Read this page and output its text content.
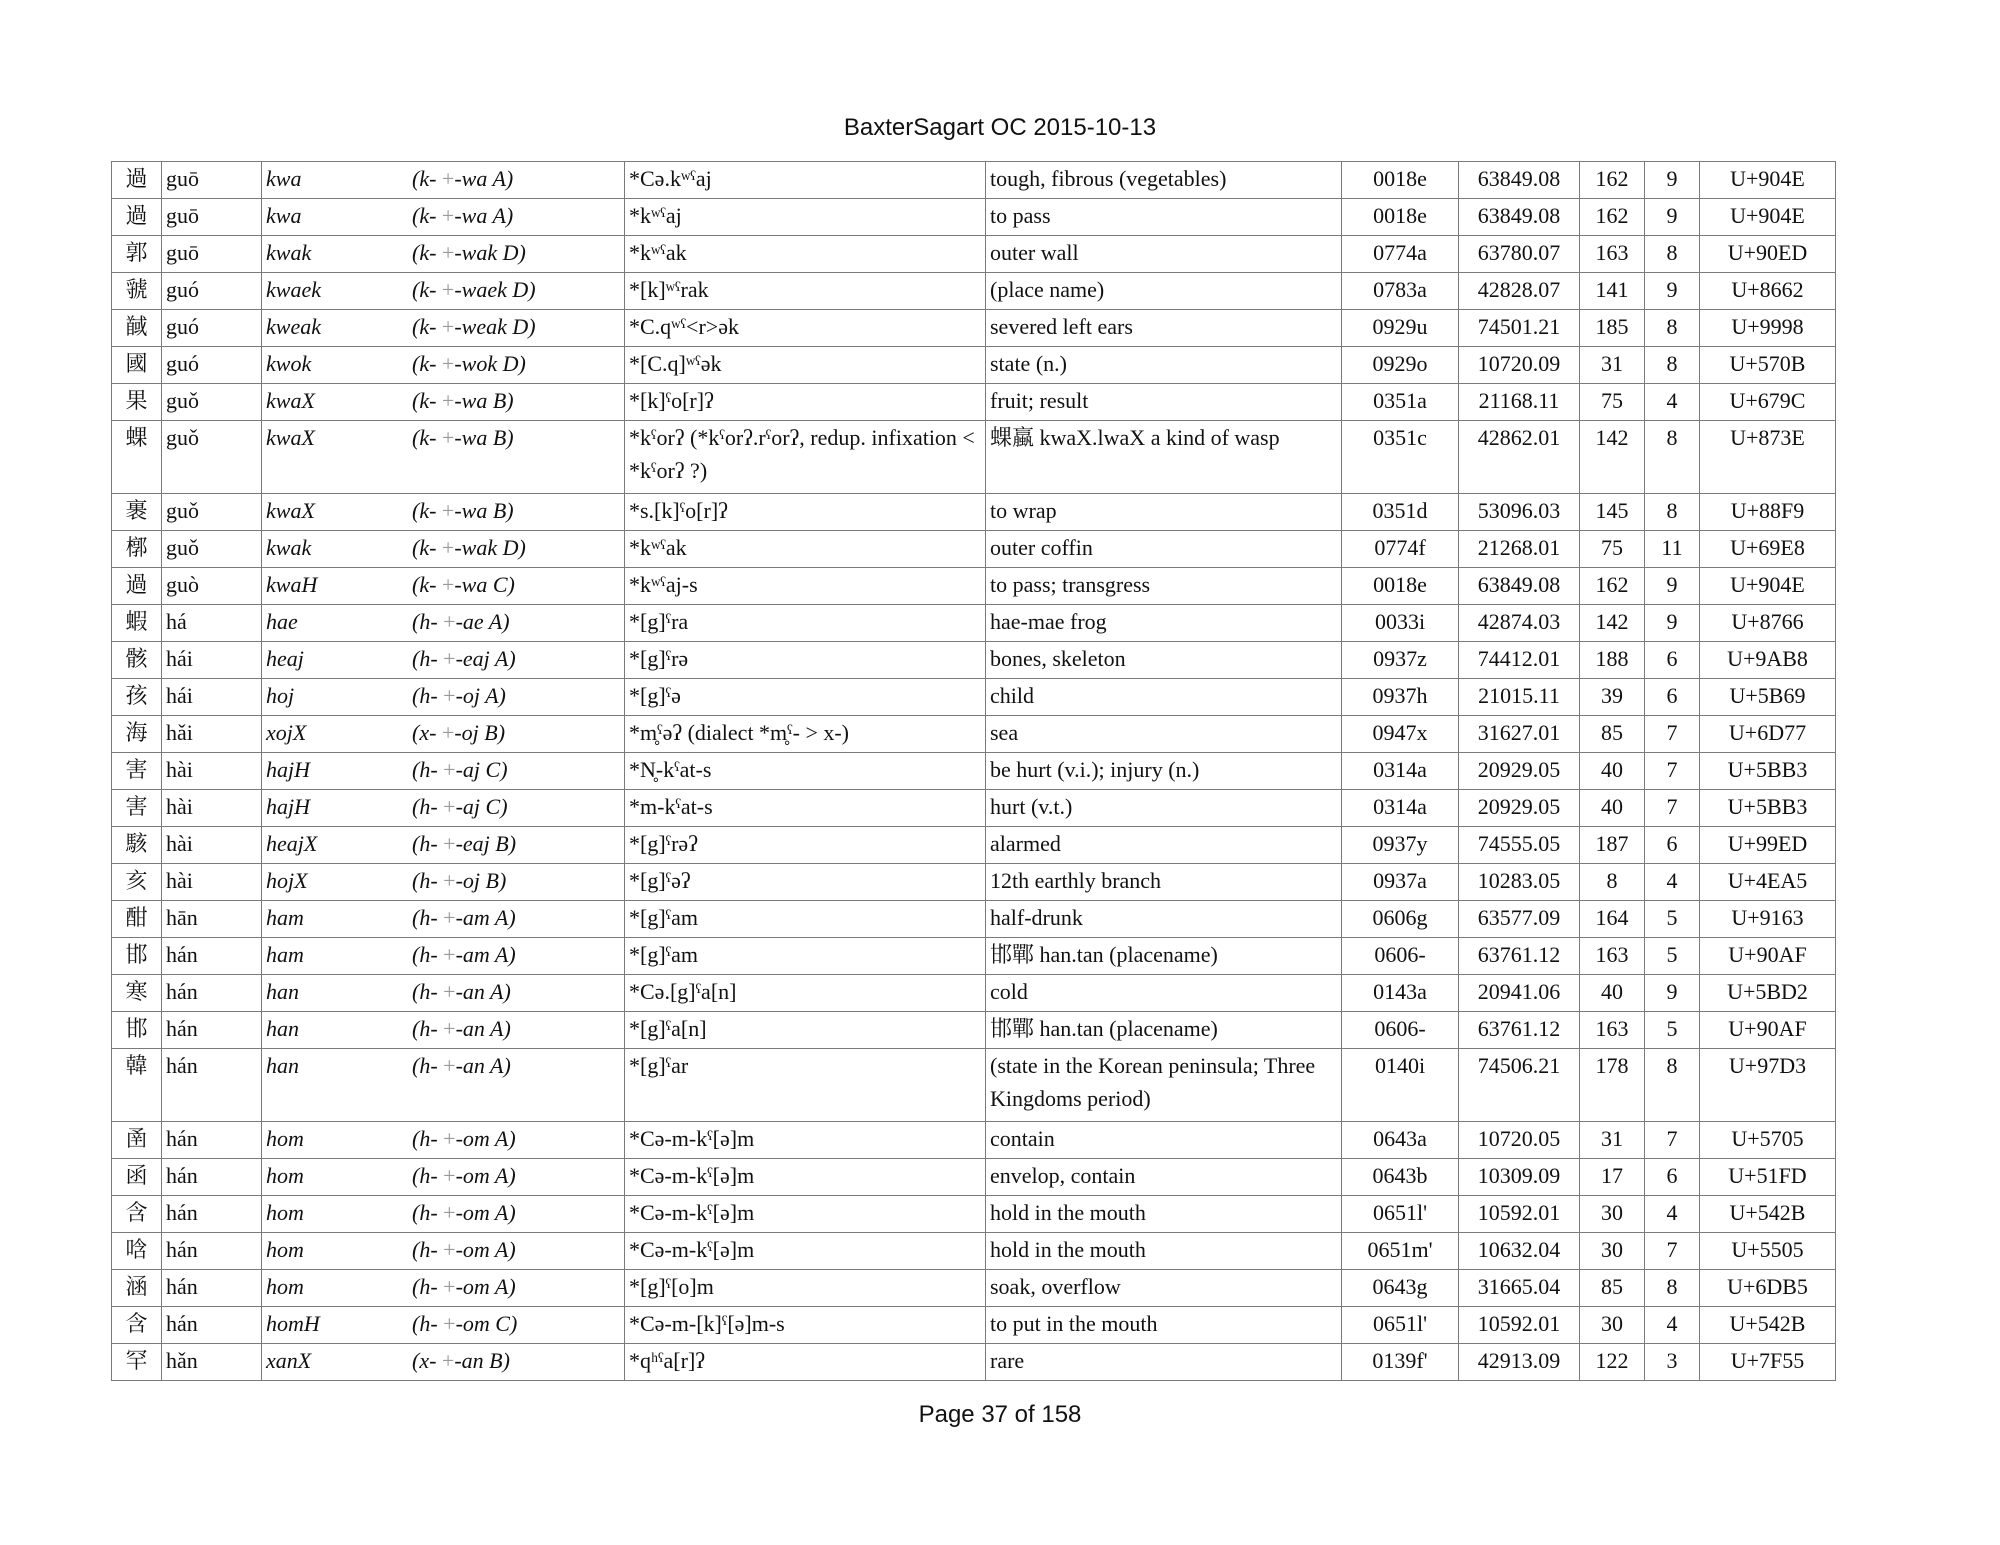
BaxterSagart OC 2015-10-13
過	guō	kwa (k- +-wa A)	*Cə.kʷˤaj	tough, fibrous (vegetables)	0018e	63849.08	162	9	U+904E
過	guō	kwa (k- +-wa A)	*kʷˤaj	to pass	0018e	63849.08	162	9	U+904E
郭	guō	kwak (k- +-wak D)	*kʷˤak	outer wall	0774a	63780.07	163	8	U+90ED
虢	guó	kwaek (k- +-waek D)	*[k]ʷˤrak	(place name)	0783a	42828.07	141	9	U+8662
馘	guó	kweak (k- +-weak D)	*C.qʷˤ<r>ək	severed left ears	0929u	74501.21	185	8	U+9998
國	guó	kwok (k- +-wok D)	*[C.q]ʷˤək	state (n.)	0929o	10720.09	31	8	U+570B
果	guǒ	kwaX (k- +-wa B)	*[k]ˤo[r]ʔ	fruit; result	0351a	21168.11	75	4	U+679C
蜾	guǒ	kwaX (k- +-wa B)	*kˤorʔ (*kˤorʔ.rˤorʔ, redup. infixation < *kˤorʔ ?)	蜾蠃 kwaX.lwaX a kind of wasp	0351c	42862.01	142	8	U+873E
裹	guǒ	kwaX (k- +-wa B)	*s.[k]ˤo[r]ʔ	to wrap	0351d	53096.03	145	8	U+88F9
槨	guǒ	kwak (k- +-wak D)	*kʷˤak	outer coffin	0774f	21268.01	75	11	U+69E8
過	guò	kwaH (k- +-wa C)	*kʷˤaj-s	to pass; transgress	0018e	63849.08	162	9	U+904E
蝦	há	hae (h- +-ae A)	*[g]ˤra	hae-mae frog	0033i	42874.03	142	9	U+8766
骸	hái	heaj (h- +-eaj A)	*[g]ˤrə	bones, skeleton	0937z	74412.01	188	6	U+9AB8
孩	hái	hoj (h- +-oj A)	*[g]ˤə	child	0937h	21015.11	39	6	U+5B69
海	hǎi	xojX (x- +-oj B)	*m̥ˤəʔ (dialect *m̥ˤ- > x-)	sea	0947x	31627.01	85	7	U+6D77
害	hài	hajH (h- +-aj C)	*N̥-kˤat-s	be hurt (v.i.); injury (n.)	0314a	20929.05	40	7	U+5BB3
害	hài	hajH (h- +-aj C)	*m-kˤat-s	hurt (v.t.)	0314a	20929.05	40	7	U+5BB3
駭	hài	heajX (h- +-eaj B)	*[g]ˤrəʔ	alarmed	0937y	74555.05	187	6	U+99ED
亥	hài	hojX (h- +-oj B)	*[g]ˤəʔ	12th earthly branch	0937a	10283.05	8	4	U+4EA5
酣	hān	ham (h- +-am A)	*[g]ˤam	half-drunk	0606g	63577.09	164	5	U+9163
邯	hán	ham (h- +-am A)	*[g]ˤam	邯鄲 han.tan (placename)	0606-	63761.12	163	5	U+90AF
寒	hán	han (h- +-an A)	*Cə.[g]ˤa[n]	cold	0143a	20941.06	40	9	U+5BD2
邯	hán	han (h- +-an A)	*[g]ˤa[n]	邯鄲 han.tan (placename)	0606-	63761.12	163	5	U+90AF
韓	hán	han (h- +-an A)	*[g]ˤar	(state in the Korean peninsula; Three Kingdoms period)	0140i	74506.21	178	8	U+97D3
圅	hán	hom (h- +-om A)	*Cə-m-kˤ[ə]m	contain	0643a	10720.05	31	7	U+5705
函	hán	hom (h- +-om A)	*Cə-m-kˤ[ə]m	envelop, contain	0643b	10309.09	17	6	U+51FD
含	hán	hom (h- +-om A)	*Cə-m-kˤ[ə]m	hold in the mouth	0651l'	10592.01	30	4	U+542B
唅	hán	hom (h- +-om A)	*Cə-m-kˤ[ə]m	hold in the mouth	0651m'	10632.04	30	7	U+5505
涵	hán	hom (h- +-om A)	*[g]ˤ[o]m	soak, overflow	0643g	31665.04	85	8	U+6DB5
含	hán	homH (h- +-om C)	*Cə-m-[k]ˤ[ə]m-s	to put in the mouth	0651l'	10592.01	30	4	U+542B
罕	hǎn	xanX (x- +-an B)	*qʰˤa[r]ʔ	rare	0139f'	42913.09	122	3	U+7F55
Page 37 of 158
